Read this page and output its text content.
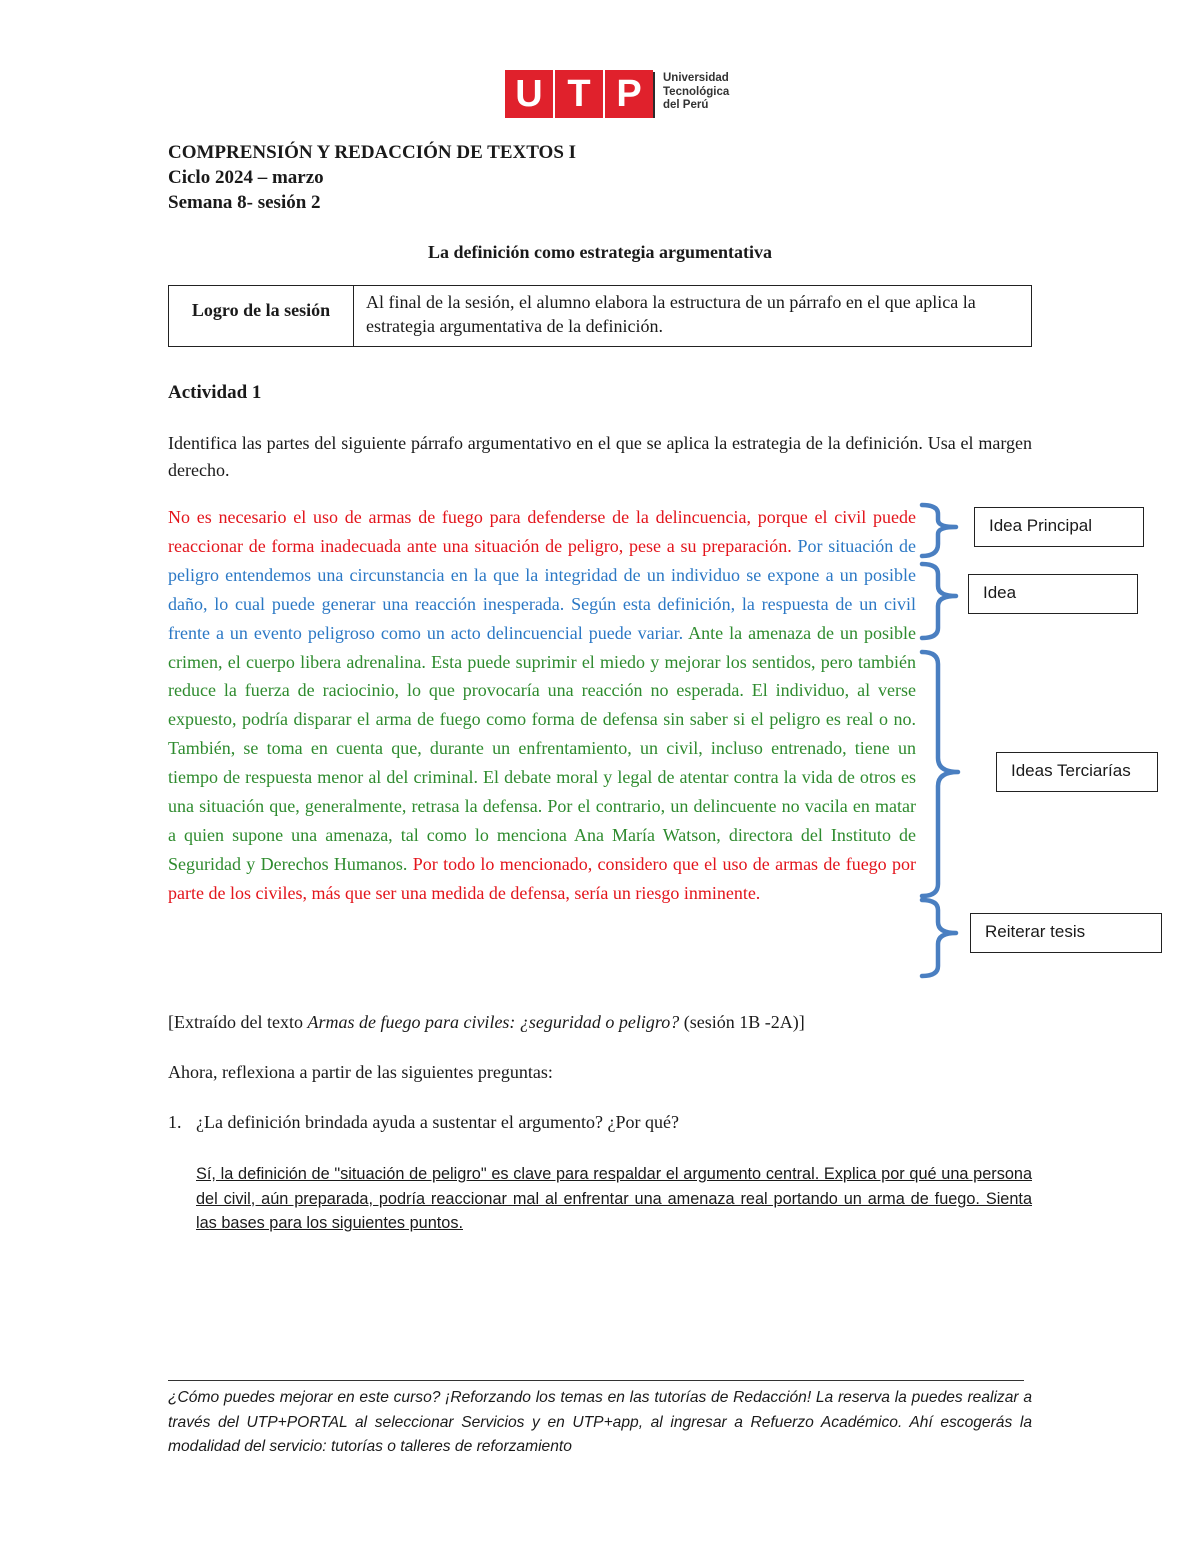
U T P	Universidad
Tecnológica
del Perú
COMPRENSIÓN Y REDACCIÓN DE TEXTOS I
Ciclo 2024 – marzo
Semana 8- sesión 2
La definición como estrategia argumentativa
Logro de la sesión	Al final de la sesión, el alumno elabora la estructura de un párrafo en el que aplica la estrategia argumentativa de la definición.
Actividad 1
Identifica las partes del siguiente párrafo argumentativo en el que se aplica la estrategia de la definición. Usa el margen derecho.
No es necesario el uso de armas de fuego para defenderse de la delincuencia, porque el civil puede reaccionar de forma inadecuada ante una situación de peligro, pese a su preparación. Por situación de peligro entendemos una circunstancia en la que la integridad de un individuo se expone a un posible daño, lo cual puede generar una reacción inesperada. Según esta definición, la respuesta de un civil frente a un evento peligroso como un acto delincuencial puede variar. Ante la amenaza de un posible crimen, el cuerpo libera adrenalina. Esta puede suprimir el miedo y mejorar los sentidos, pero también reduce la fuerza de raciocinio, lo que provocaría una reacción no esperada. El individuo, al verse expuesto, podría disparar el arma de fuego como forma de defensa sin saber si el peligro es real o no. También, se toma en cuenta que, durante un enfrentamiento, un civil, incluso entrenado, tiene un tiempo de respuesta menor al del criminal. El debate moral y legal de atentar contra la vida de otros es una situación que, generalmente, retrasa la defensa. Por el contrario, un delincuente no vacila en matar a quien supone una amenaza, tal como lo menciona Ana María Watson, directora del Instituto de Seguridad y Derechos Humanos. Por todo lo mencionado, considero que el uso de armas de fuego por parte de los civiles, más que ser una medida de defensa, sería un riesgo inminente.
Idea Principal
Idea
Ideas Terciarías
Reiterar tesis
[Extraído del texto Armas de fuego para civiles: ¿seguridad o peligro? (sesión 1B -2A)]
Ahora, reflexiona a partir de las siguientes preguntas:
1. ¿La definición brindada ayuda a sustentar el argumento? ¿Por qué?
Sí, la definición de "situación de peligro" es clave para respaldar el argumento central. Explica por qué una persona del civil, aún preparada, podría reaccionar mal al enfrentar una amenaza real portando un arma de fuego. Sienta las bases para los siguientes puntos.
¿Cómo puedes mejorar en este curso? ¡Reforzando los temas en las tutorías de Redacción! La reserva la puedes realizar a través del UTP+PORTAL al seleccionar Servicios y en UTP+app, al ingresar a Refuerzo Académico. Ahí escogerás la modalidad del servicio: tutorías o talleres de reforzamiento
